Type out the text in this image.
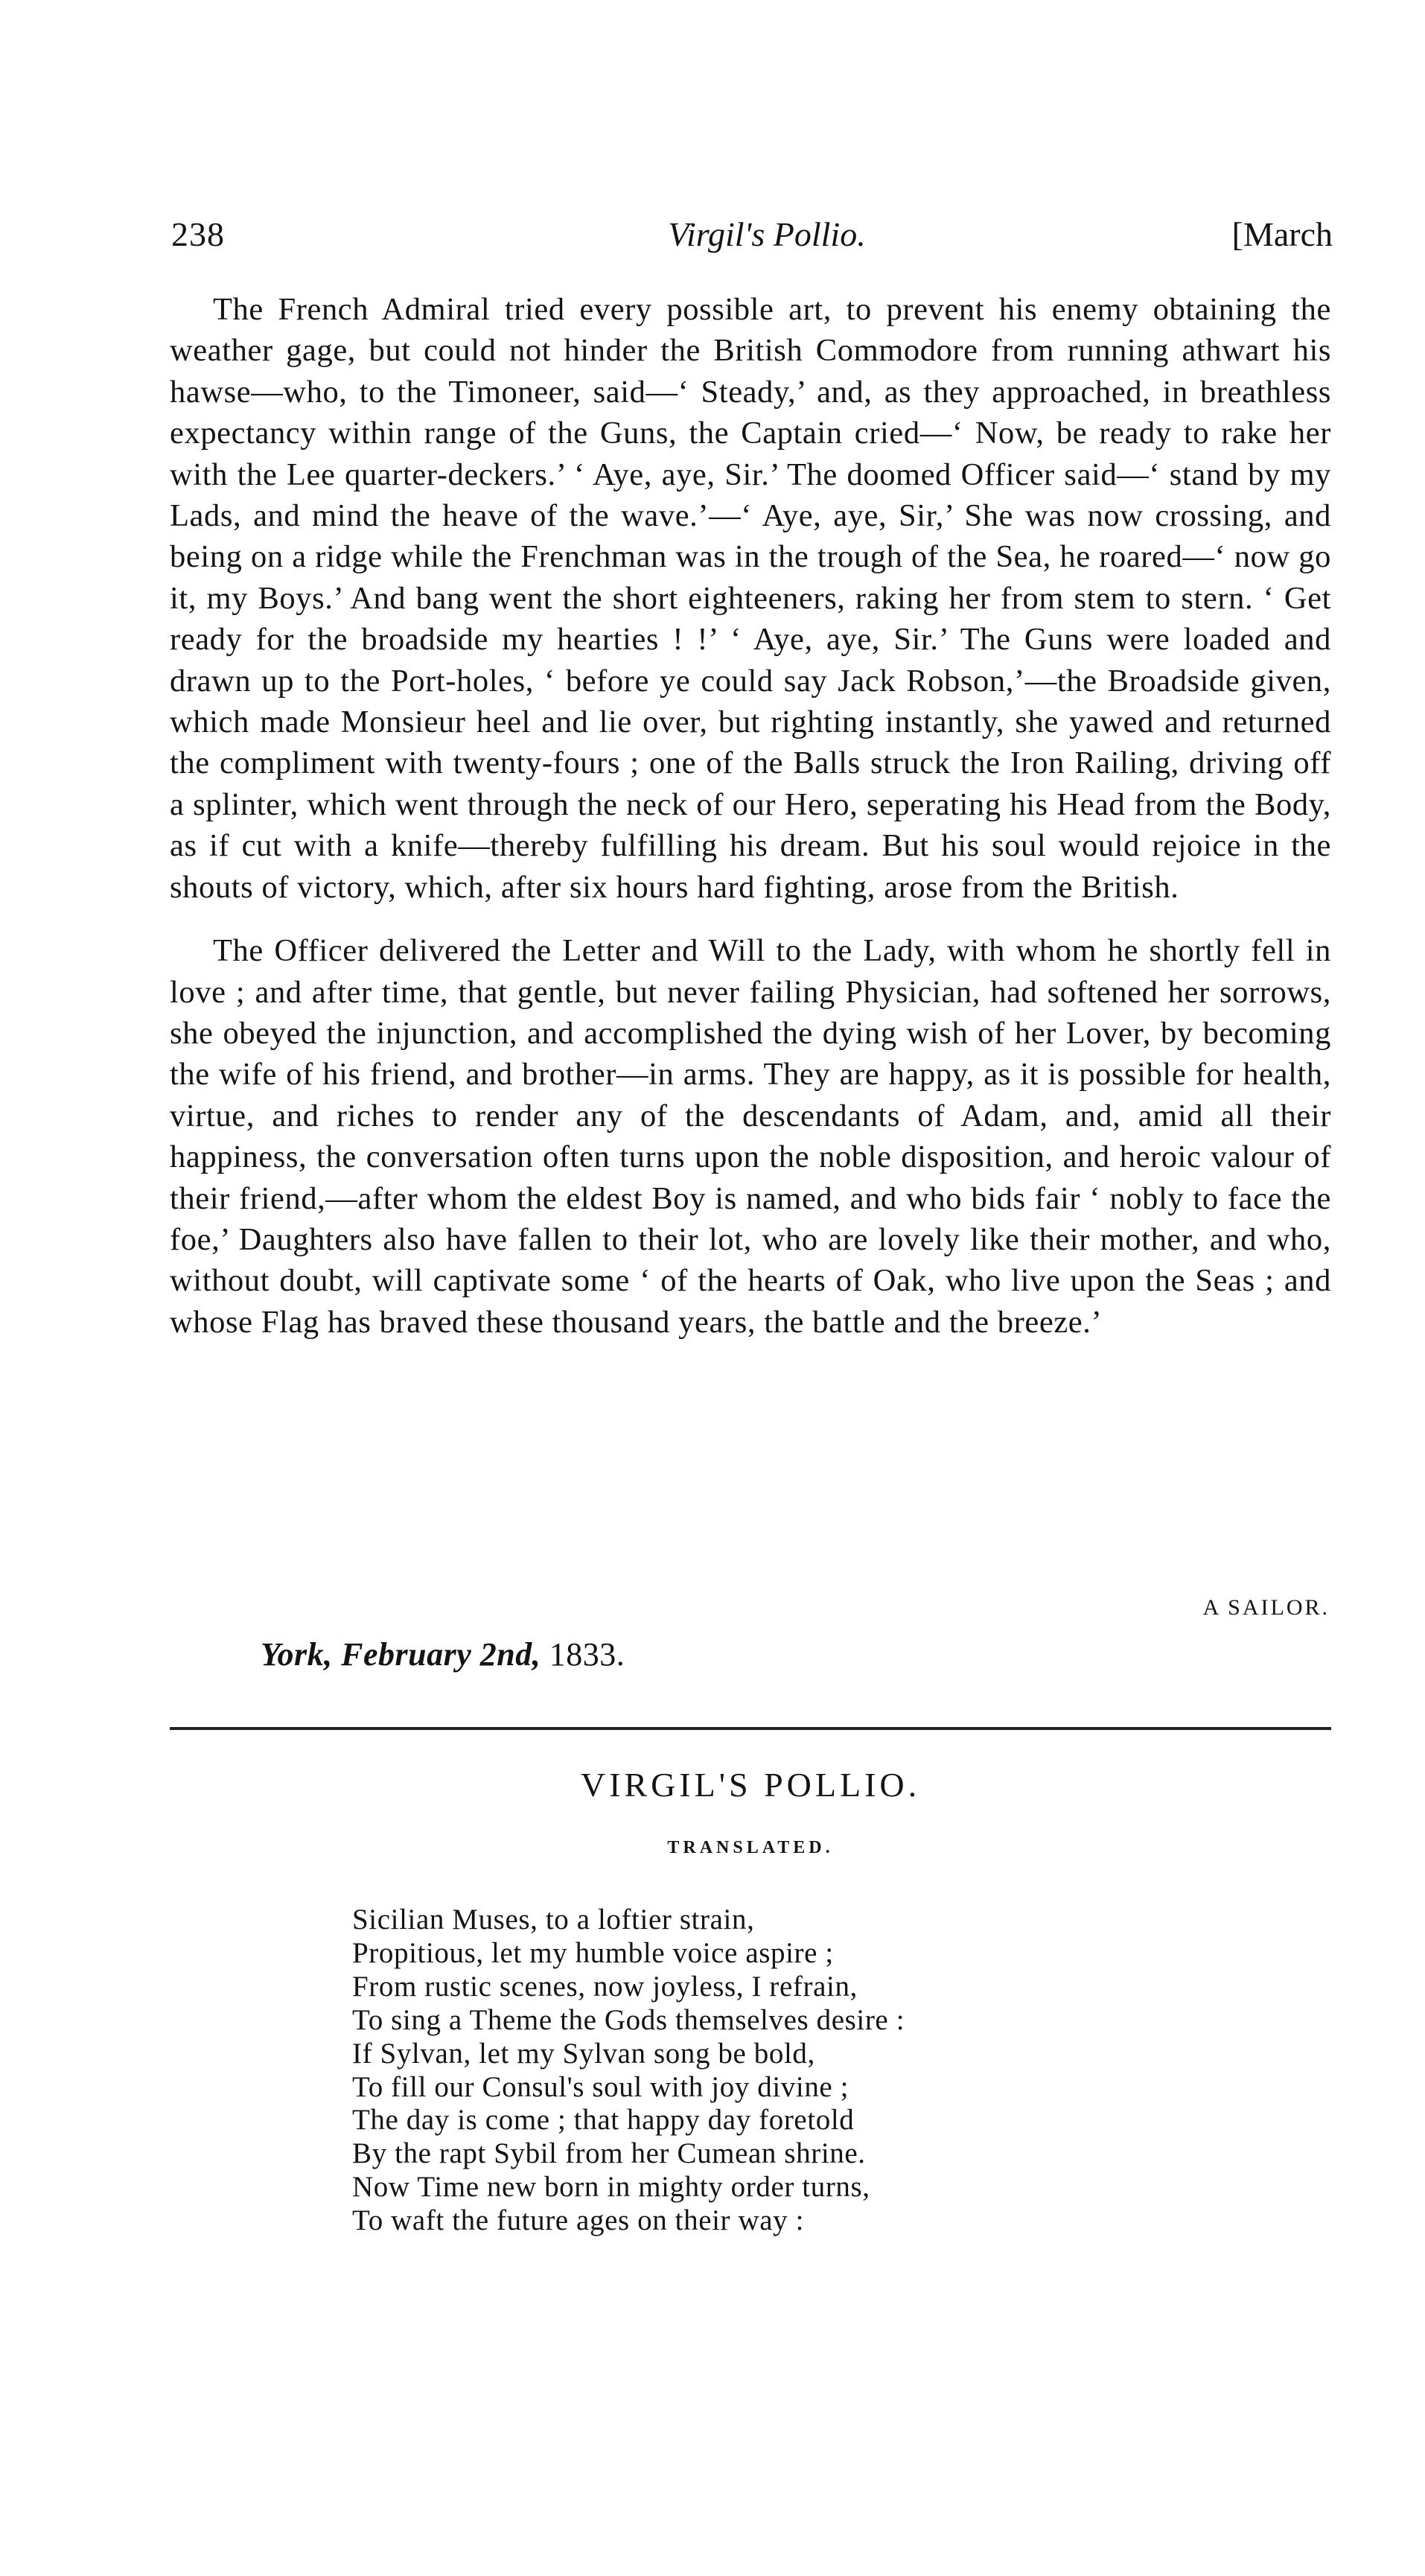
238	Virgil's Pollio.	[March

The French Admiral tried every possible art, to prevent his enemy obtaining the weather gage, but could not hinder the British Commodore from running athwart his hawse—who, to the Timoneer, said—‘ Steady,’ and, as they approached, in breathless expectancy within range of the Guns, the Captain cried—‘ Now, be ready to rake her with the Lee quarter-deckers.’ ‘ Aye, aye, Sir.’ The doomed Officer said—‘ stand by my Lads, and mind the heave of the wave.’—‘ Aye, aye, Sir,’ She was now crossing, and being on a ridge while the Frenchman was in the trough of the Sea, he roared—‘ now go it, my Boys.’ And bang went the short eighteeners, raking her from stem to stern. ‘ Get ready for the broadside my hearties ! !’ ‘ Aye, aye, Sir.’ The Guns were loaded and drawn up to the Port-holes, ‘ before ye could say Jack Robson,’—the Broadside given, which made Monsieur heel and lie over, but righting instantly, she yawed and returned the compliment with twenty-fours ; one of the Balls struck the Iron Railing, driving off a splinter, which went through the neck of our Hero, seperating his Head from the Body, as if cut with a knife—thereby fulfilling his dream. But his soul would rejoice in the shouts of victory, which, after six hours hard fighting, arose from the British.

The Officer delivered the Letter and Will to the Lady, with whom he shortly fell in love ; and after time, that gentle, but never failing Physician, had softened her sorrows, she obeyed the injunction, and accomplished the dying wish of her Lover, by becoming the wife of his friend, and brother—in arms. They are happy, as it is possible for health, virtue, and riches to render any of the descendants of Adam, and, amid all their happiness, the conversation often turns upon the noble disposition, and heroic valour of their friend,—after whom the eldest Boy is named, and who bids fair ‘ nobly to face the foe,’ Daughters also have fallen to their lot, who are lovely like their mother, and who, without doubt, will captivate some ‘ of the hearts of Oak, who live upon the Seas ; and whose Flag has braved these thousand years, the battle and the breeze.’

A SAILOR.
York, February 2nd, 1833.
VIRGIL'S POLLIO.
TRANSLATED.
Sicilian Muses, to a loftier strain,
Propitious, let my humble voice aspire ;
From rustic scenes, now joyless, I refrain,
To sing a Theme the Gods themselves desire :
If Sylvan, let my Sylvan song be bold,
To fill our Consul's soul with joy divine ;
The day is come ; that happy day foretold
By the rapt Sybil from her Cumean shrine.
Now Time new born in mighty order turns,
To waft the future ages on their way :
